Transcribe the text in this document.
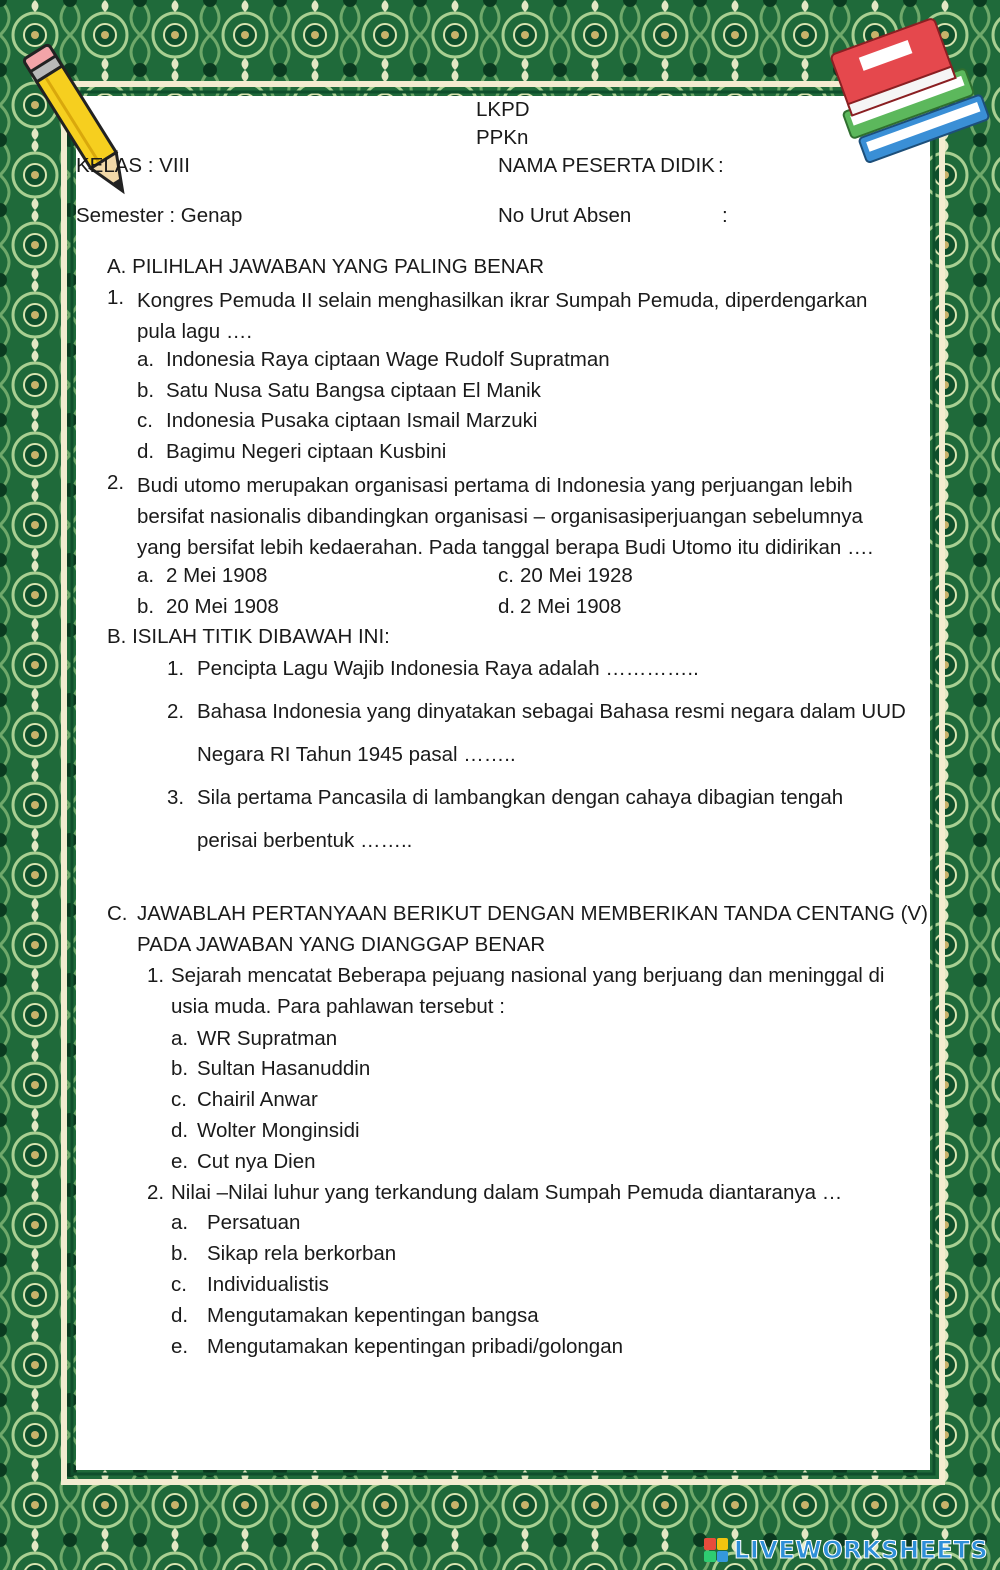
LKPD
PPKn
KELAS : VIII	NAMA PESERTA DIDIK :
Semester : Genap	No Urut Absen	:
A. PILIHLAH JAWABAN YANG PALING BENAR
1. Kongres Pemuda II selain menghasilkan ikrar Sumpah Pemuda, diperdengarkan pula lagu ….
a. Indonesia Raya ciptaan Wage Rudolf Supratman
b. Satu Nusa Satu Bangsa ciptaan El Manik
c. Indonesia Pusaka ciptaan Ismail Marzuki
d. Bagimu Negeri ciptaan Kusbini
2. Budi utomo merupakan organisasi pertama di Indonesia yang perjuangan lebih bersifat nasionalis dibandingkan organisasi – organisasiperjuangan sebelumnya yang bersifat lebih kedaerahan. Pada tanggal berapa Budi Utomo itu didirikan ….
a. 2 Mei 1908	c. 20 Mei 1928
b. 20 Mei 1908	d. 2 Mei 1908
B. ISILAH TITIK DIBAWAH INI:
1. Pencipta Lagu Wajib Indonesia Raya adalah …………..
2. Bahasa Indonesia yang dinyatakan sebagai Bahasa resmi negara dalam UUD
Negara RI Tahun 1945 pasal ……..
3. Sila pertama Pancasila di lambangkan dengan cahaya dibagian tengah
perisai berbentuk ……..
C. JAWABLAH PERTANYAAN BERIKUT DENGAN MEMBERIKAN TANDA CENTANG (V)
PADA JAWABAN YANG DIANGGAP BENAR
1. Sejarah mencatat Beberapa pejuang nasional yang berjuang dan meninggal di
usia muda. Para pahlawan tersebut :
a. WR Supratman
b. Sultan Hasanuddin
c. Chairil Anwar
d. Wolter Monginsidi
e. Cut nya Dien
2. Nilai –Nilai luhur yang terkandung dalam Sumpah Pemuda diantaranya …
a. Persatuan
b. Sikap rela berkorban
c. Individualistis
d. Mengutamakan kepentingan bangsa
e. Mengutamakan kepentingan pribadi/golongan
LIVEWORKSHEETS
